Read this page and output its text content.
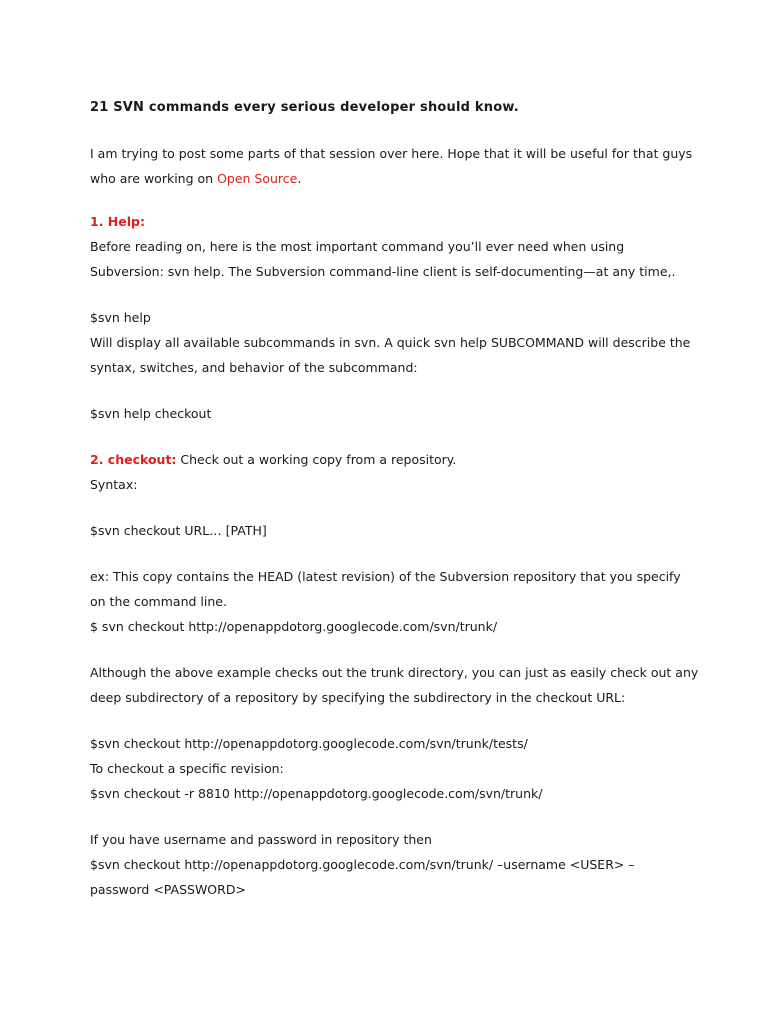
21 SVN commands every serious developer should know.
I am trying to post some parts of that session over here. Hope that it will be useful for that guys
who are working on Open Source.
1. Help:
Before reading on, here is the most important command you’ll ever need when using
Subversion: svn help. The Subversion command-line client is self-documenting—at any time,.
$svn help
Will display all available subcommands in svn. A quick svn help SUBCOMMAND will describe the
syntax, switches, and behavior of the subcommand:
$svn help checkout
2. checkout: Check out a working copy from a repository.
Syntax:
$svn checkout URL… [PATH]
ex: This copy contains the HEAD (latest revision) of the Subversion repository that you specify
on the command line.
$ svn checkout http://openappdotorg.googlecode.com/svn/trunk/
Although the above example checks out the trunk directory, you can just as easily check out any
deep subdirectory of a repository by specifying the subdirectory in the checkout URL:
$svn checkout http://openappdotorg.googlecode.com/svn/trunk/tests/
To checkout a specific revision:
$svn checkout -r 8810 http://openappdotorg.googlecode.com/svn/trunk/
If you have username and password in repository then
$svn checkout http://openappdotorg.googlecode.com/svn/trunk/ –username <USER> –
password <PASSWORD>
